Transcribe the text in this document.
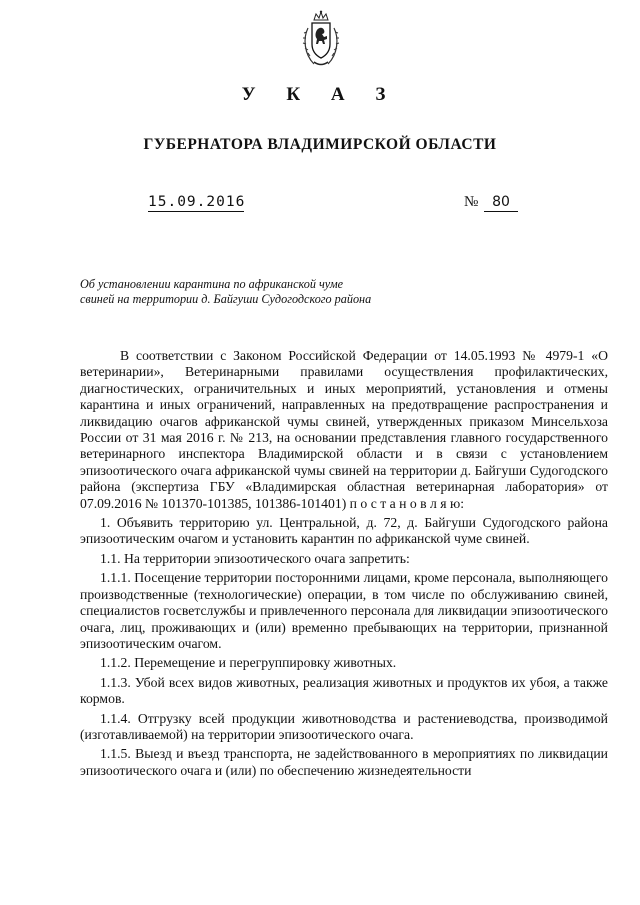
У К А З
ГУБЕРНАТОРА ВЛАДИМИРСКОЙ ОБЛАСТИ
15.09.2016	№ 80

Об установлении карантина по африканской чуме свиней на территории д. Байгуши Судогодского района

В соответствии с Законом Российской Федерации от 14.05.1993 № 4979-1 «О ветеринарии», Ветеринарными правилами осуществления профилактических, диагностических, ограничительных и иных мероприятий, установления и отмены карантина и иных ограничений, направленных на предотвращение распространения и ликвидацию очагов африканской чумы свиней, утвержденных приказом Минсельхоза России от 31 мая 2016 г. № 213, на основании представления главного государственного ветеринарного инспектора Владимирской области и в связи с установлением эпизоотического очага африканской чумы свиней на территории д. Байгуши Судогодского района (экспертиза ГБУ «Владимирская областная ветеринарная лаборатория» от 07.09.2016 № 101370-101385, 101386-101401) п о с т а н о в л я ю:

1. Объявить территорию ул. Центральной, д. 72, д. Байгуши Судогодского района эпизоотическим очагом и установить карантин по африканской чуме свиней.

1.1. На территории эпизоотического очага запретить:

1.1.1. Посещение территории посторонними лицами, кроме персонала, выполняющего производственные (технологические) операции, в том числе по обслуживанию свиней, специалистов госветслужбы и привлеченного персонала для ликвидации эпизоотического очага, лиц, проживающих и (или) временно пребывающих на территории, признанной эпизоотическим очагом.

1.1.2. Перемещение и перегруппировку животных.

1.1.3. Убой всех видов животных, реализация животных и продуктов их убоя, а также кормов.

1.1.4. Отгрузку всей продукции животноводства и растениеводства, производимой (изготавливаемой) на территории эпизоотического очага.

1.1.5. Выезд и въезд транспорта, не задействованного в мероприятиях по ликвидации эпизоотического очага и (или) по обеспечению жизнедеятельности
